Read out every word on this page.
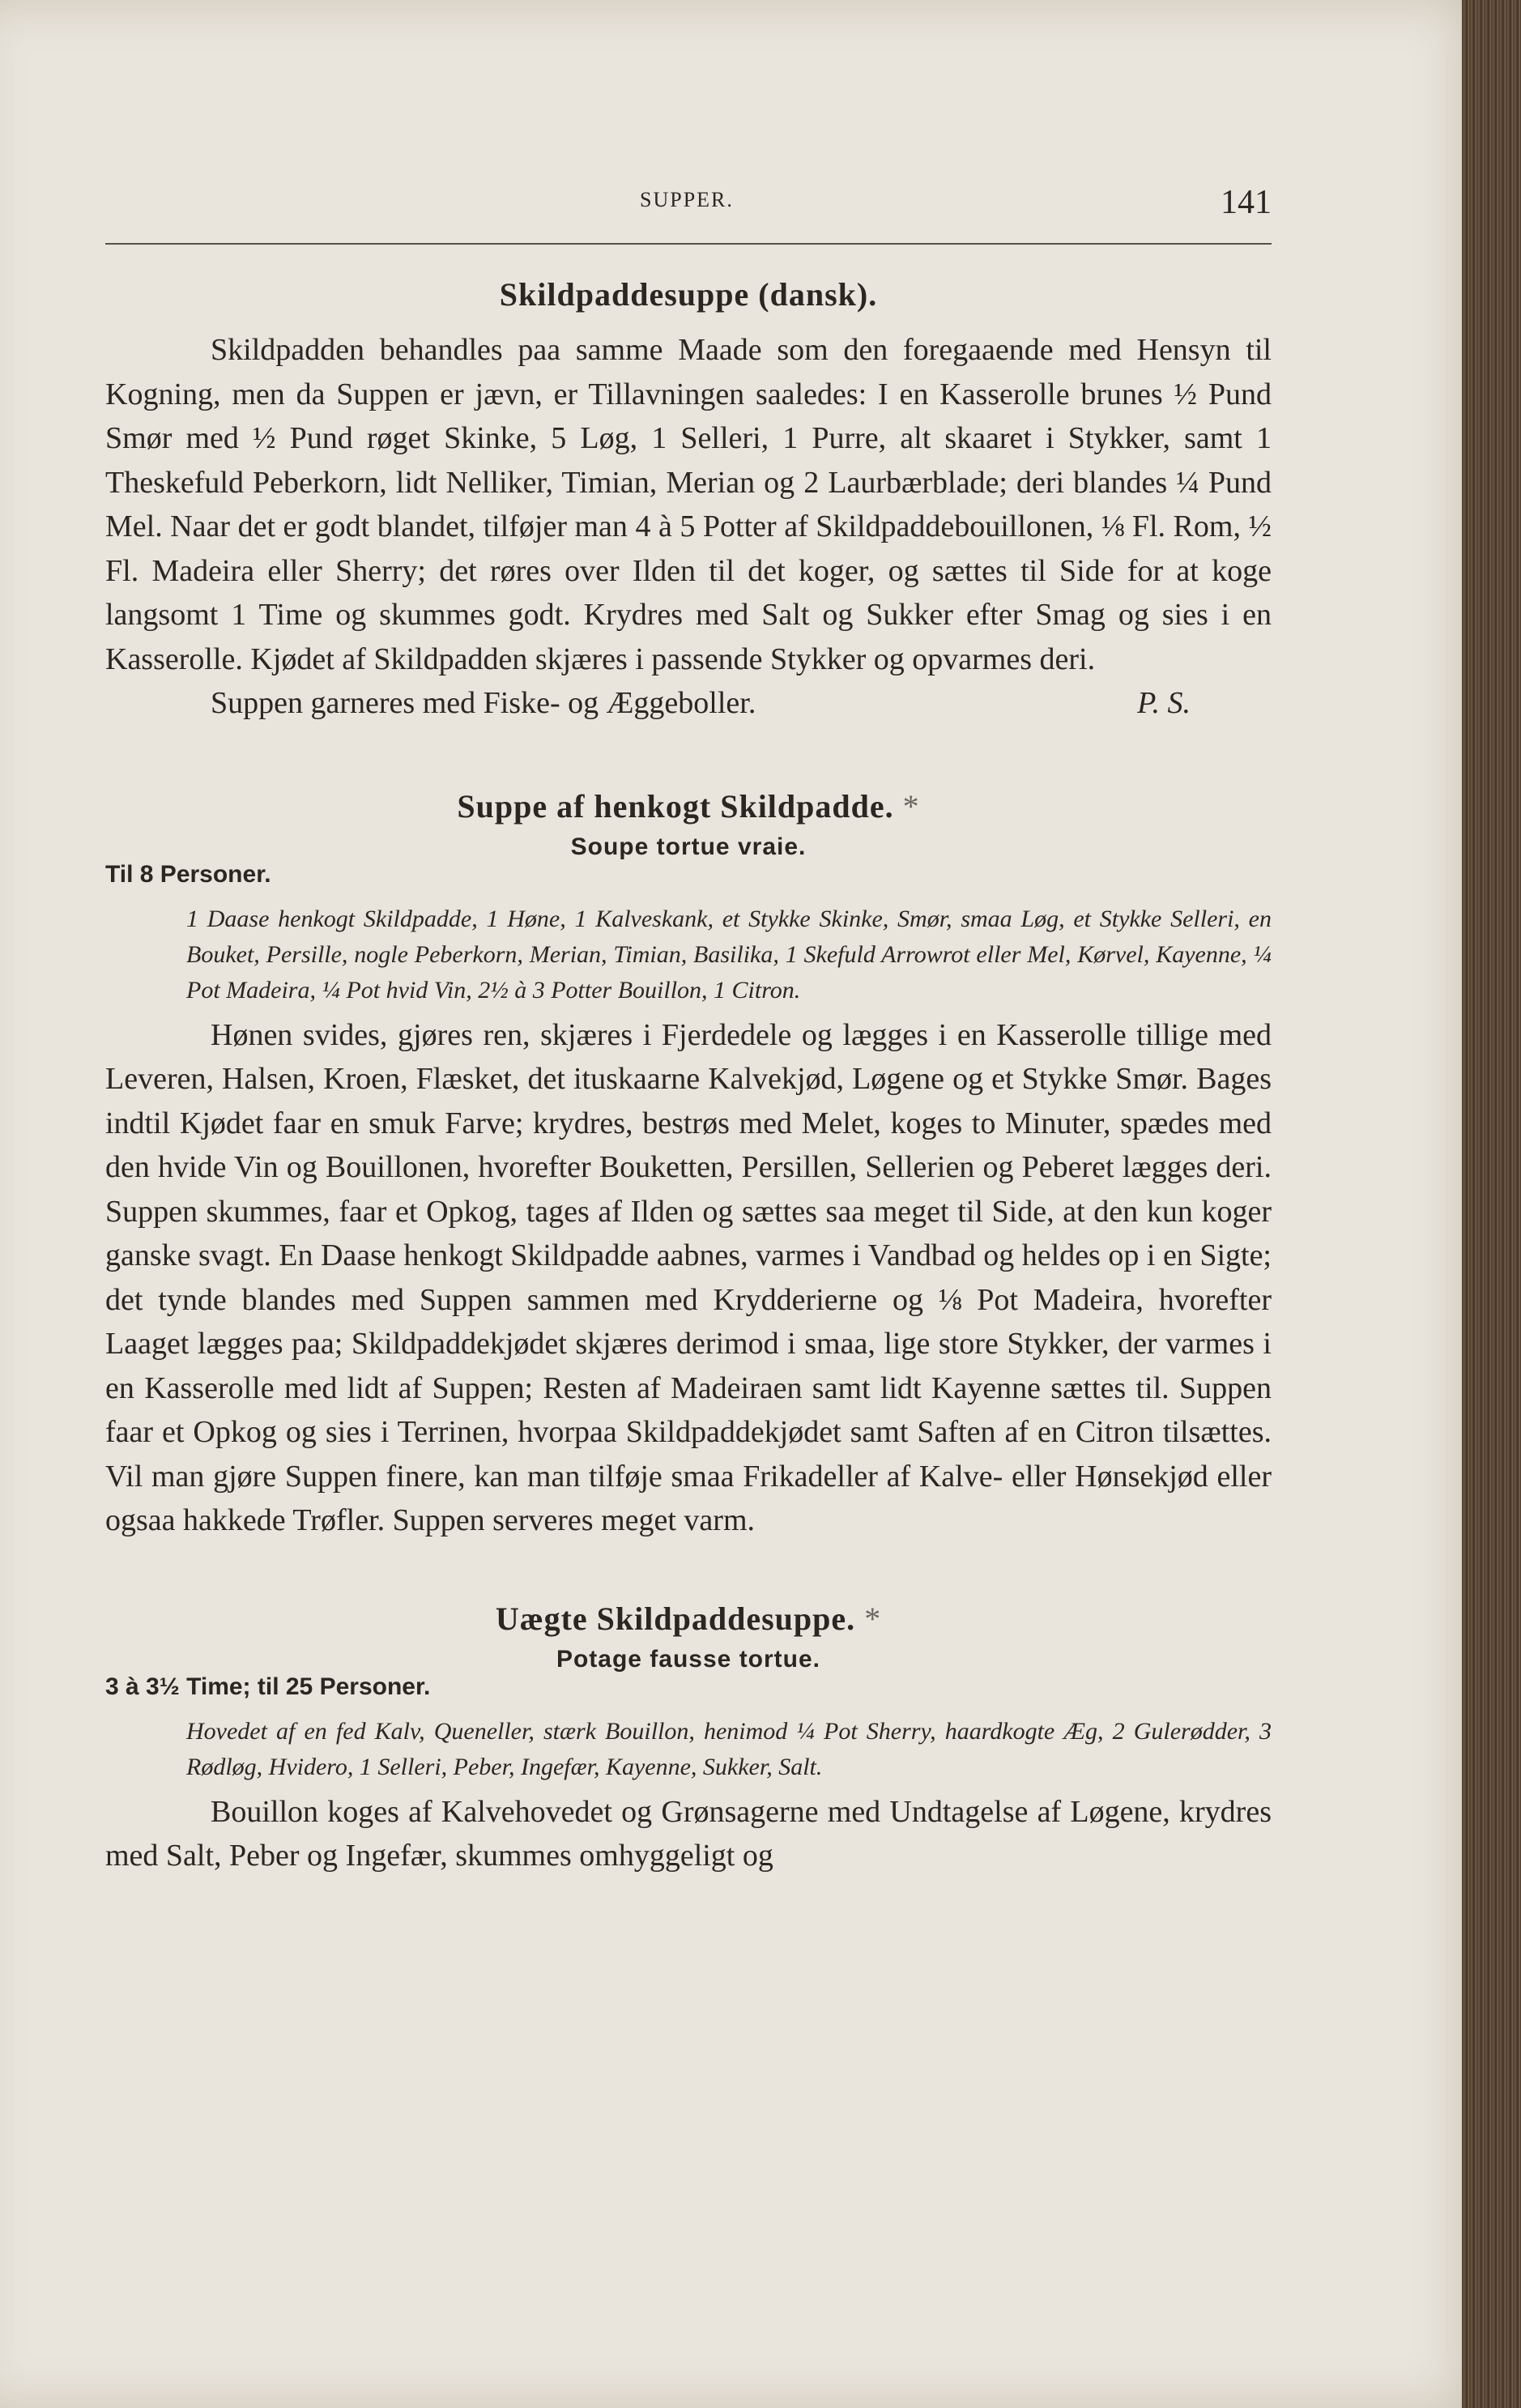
SUPPER.	141
Skildpaddesuppe (dansk).

Skildpadden behandles paa samme Maade som den foregaaende med Hensyn til Kogning, men da Suppen er jævn, er Tillavningen saaledes: I en Kasserolle brunes ½ Pund Smør med ½ Pund røget Skinke, 5 Løg, 1 Selleri, 1 Purre, alt skaaret i Stykker, samt 1 Theskefuld Peberkorn, lidt Nelliker, Timian, Merian og 2 Laurbærblade; deri blandes ¼ Pund Mel. Naar det er godt blandet, tilføjer man 4 à 5 Potter af Skildpaddebouillonen, ⅛ Fl. Rom, ½ Fl. Madeira eller Sherry; det røres over Ilden til det koger, og sættes til Side for at koge langsomt 1 Time og skummes godt. Krydres med Salt og Sukker efter Smag og sies i en Kasserolle. Kjødet af Skildpadden skjæres i passende Stykker og opvarmes deri.

Suppen garneres med Fiske- og Æggeboller.	P. S.

Suppe af henkogt Skildpadde. *
Soupe tortue vraie.
Til 8 Personer.

1 Daase henkogt Skildpadde, 1 Høne, 1 Kalveskank, et Stykke Skinke, Smør, smaa Løg, et Stykke Selleri, en Bouket, Persille, nogle Peberkorn, Merian, Timian, Basilika, 1 Skefuld Arrowrot eller Mel, Kørvel, Kayenne, ¼ Pot Madeira, ¼ Pot hvid Vin, 2½ à 3 Potter Bouillon, 1 Citron.

Hønen svides, gjøres ren, skjæres i Fjerdedele og lægges i en Kasserolle tillige med Leveren, Halsen, Kroen, Flæsket, det ituskaarne Kalvekjød, Løgene og et Stykke Smør. Bages indtil Kjødet faar en smuk Farve; krydres, bestrøs med Melet, koges to Minuter, spædes med den hvide Vin og Bouillonen, hvorefter Bouketten, Persillen, Sellerien og Peberet lægges deri. Suppen skummes, faar et Opkog, tages af Ilden og sættes saa meget til Side, at den kun koger ganske svagt. En Daase henkogt Skildpadde aabnes, varmes i Vandbad og heldes op i en Sigte; det tynde blandes med Suppen sammen med Krydderierne og ⅛ Pot Madeira, hvorefter Laaget lægges paa; Skildpaddekjødet skjæres derimod i smaa, lige store Stykker, der varmes i en Kasserolle med lidt af Suppen; Resten af Madeiraen samt lidt Kayenne sættes til. Suppen faar et Opkog og sies i Terrinen, hvorpaa Skildpaddekjødet samt Saften af en Citron tilsættes. Vil man gjøre Suppen finere, kan man tilføje smaa Frikadeller af Kalve- eller Hønsekjød eller ogsaa hakkede Trøfler. Suppen serveres meget varm.

Uægte Skildpaddesuppe. *
Potage fausse tortue.
3 à 3½ Time; til 25 Personer.

Hovedet af en fed Kalv, Queneller, stærk Bouillon, henimod ¼ Pot Sherry, haardkogte Æg, 2 Gulerødder, 3 Rødløg, Hvidero, 1 Selleri, Peber, Ingefær, Kayenne, Sukker, Salt.

Bouillon koges af Kalvehovedet og Grønsagerne med Undtagelse af Løgene, krydres med Salt, Peber og Ingefær, skummes omhyggeligt og
